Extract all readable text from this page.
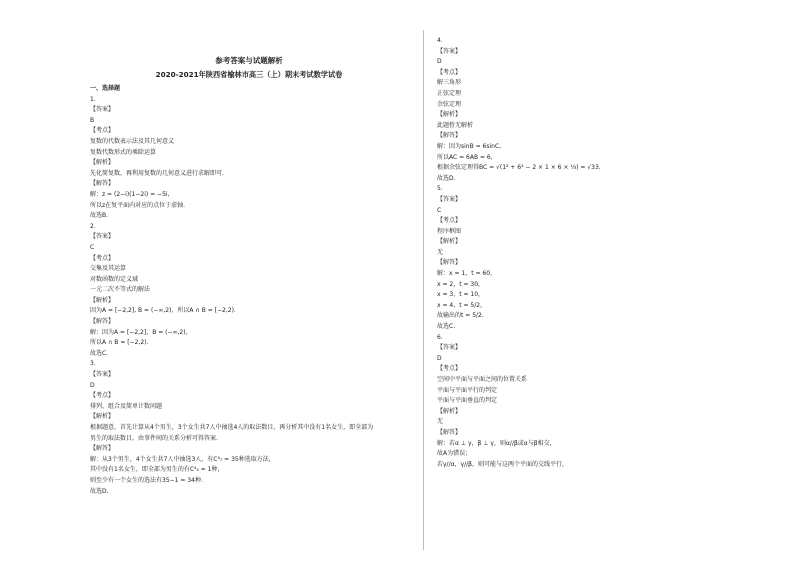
参考答案与试题解析
2020-2021年陕西省榆林市高三（上）期末考试数学试卷
一、选择题
1.
【答案】
B
【考点】
复数的代数表示法及其几何意义
复数代数形式的乘除运算
【解析】
先化简复数，再利用复数的几何意义进行求解即可.
【解答】
解：z = (2−i)(1−2i) = −5i,
所以z在复平面内对应的点位于虚轴.
故选B.
2.
【答案】
C
【考点】
交集及其运算
对数函数的定义域
一元二次不等式的解法
【解析】
因为A = [−2,2], B = (−∞,2)，所以A ∩ B = [−2,2).
【解答】
解：因为A = [−2,2]，B = (−∞,2)，
所以A ∩ B = [−2,2).
故选C.
3.
【答案】
D
【考点】
排列、组合及简单计数问题
【解析】
根据题意，首先计算从4个男生，3个女生共7人中抽选4人的取法数目，再分析其中没有1名女生，即全部为
男生的取法数目，由事件间的关系分析可得答案.
【解答】
解：从3个男生，4个女生共7人中抽选3人，有C⁴₇ = 35种选取方法，
其中没有1名女生，即全部为男生的有C⁴₄ = 1种，
则至少有一个女生的选法有35−1 = 34种.
故选D.
4.
【答案】
D
【考点】
解三角形
正弦定理
余弦定理
【解析】
此题暂无解析
【解答】
解：因为sinB = 6sinC,
所以AC = 6AB = 6,
根据余弦定理得BC = √(1² + 6² − 2 × 1 × 6 × ⅓) = √33.
故选D.
5.
【答案】
C
【考点】
程序框图
【解析】
无
【解答】
解：x = 1，t = 60，
x = 2，t = 30，
x = 3，t = 10，
x = 4，t = 5/2，
故输出的t = 5/2.
故选C.
6.
【答案】
D
【考点】
空间中平面与平面之间的位置关系
平面与平面平行的判定
平面与平面垂直的判定
【解析】
无
【解答】
解：若α ⊥ γ，β ⊥ γ，则α//β或α与β相交，
故A为错误；
若γ//α，γ//β，则可能与这两个平面的交线平行，
